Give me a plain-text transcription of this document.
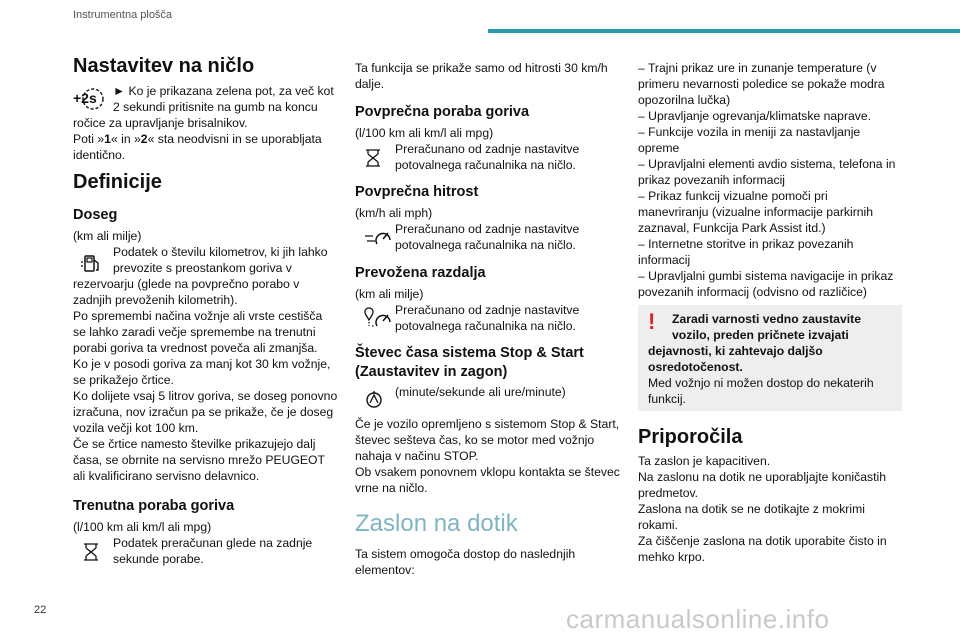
Instrumentna plošča
Nastavitev na ničlo
+2s ► Ko je prikazana zelena pot, za več kot
2 sekundi pritisnite na gumb na koncu
ročice za upravljanje brisalnikov.
Poti »1« in »2« sta neodvisni in se uporabljata
identično.
Definicije
Doseg
(km ali milje)
Podatek o številu kilometrov, ki jih lahko
prevozite s preostankom goriva v
rezervoarju (glede na povprečno porabo v
zadnjih prevoženih kilometrih).
Po spremembi načina vožnje ali vrste cestišča
se lahko zaradi večje spremembe na trenutni
porabi goriva ta vrednost poveča ali zmanjša.
Ko je v posodi goriva za manj kot 30 km vožnje,
se prikažejo črtice.
Ko dolijete vsaj 5 litrov goriva, se doseg ponovno
izračuna, nov izračun pa se prikaže, če je doseg
vozila večji kot 100 km.
Če se črtice namesto številke prikazujejo dalj
časa, se obrnite na servisno mrežo PEUGEOT
ali kvalificirano servisno delavnico.
Trenutna poraba goriva
(l/100 km ali km/l ali mpg)
Podatek preračunan glede na zadnje
sekunde porabe.
Ta funkcija se prikaže samo od hitrosti 30 km/h
dalje.
Povprečna poraba goriva
(l/100 km ali km/l ali mpg)
Preračunano od zadnje nastavitve
potovalnega računalnika na ničlo.
Povprečna hitrost
(km/h ali mph)
Preračunano od zadnje nastavitve
potovalnega računalnika na ničlo.
Prevožena razdalja
(km ali milje)
Preračunano od zadnje nastavitve
potovalnega računalnika na ničlo.
Števec časa sistema Stop & Start
(Zaustavitev in zagon)
(minute/sekunde ali ure/minute)
Če je vozilo opremljeno s sistemom Stop & Start,
števec sešteva čas, ko se motor med vožnjo
nahaja v načinu STOP.
Ob vsakem ponovnem vklopu kontakta se števec
vrne na ničlo.
Zaslon na dotik
Ta sistem omogoča dostop do naslednjih
elementov:
– Trajni prikaz ure in zunanje temperature (v
primeru nevarnosti poledice se pokaže modra
opozorilna lučka)
– Upravljanje ogrevanja/klimatske naprave.
– Funkcije vozila in meniji za nastavljanje
opreme
– Upravljalni elementi avdio sistema, telefona in
prikaz povezanih informacij
– Prikaz funkcij vizualne pomoči pri
manevriranju (vizualne informacije parkirnih
zaznaval, Funkcija Park Assist itd.)
– Internetne storitve in prikaz povezanih
informacij
– Upravljalni gumbi sistema navigacije in prikaz
povezanih informacij (odvisno od različice)
! Zaradi varnosti vedno zaustavite
vozilo, preden pričnete izvajati
dejavnosti, ki zahtevajo daljšo
osredotočenost.
Med vožnjo ni možen dostop do nekaterih
funkcij.
Priporočila
Ta zaslon je kapacitiven.
Na zaslonu na dotik ne uporabljajte koničastih
predmetov.
Zaslona na dotik se ne dotikajte z mokrimi
rokami.
Za čiščenje zaslona na dotik uporabite čisto in
mehko krpo.
22	carmanualsonline.info
